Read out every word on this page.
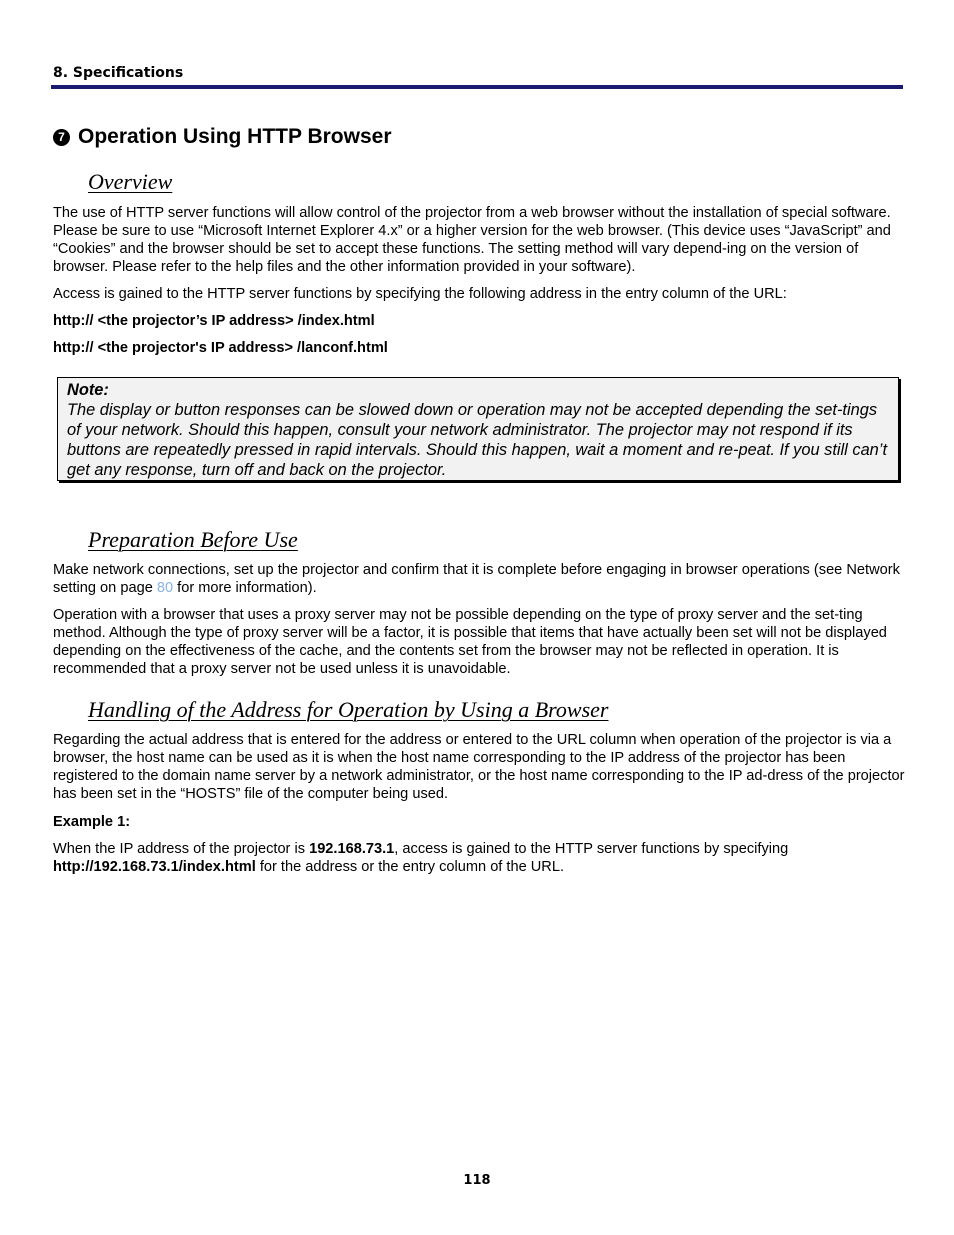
8. Specifications
7 Operation Using HTTP Browser
Overview

The use of HTTP server functions will allow control of the projector from a web browser without the installation of special software. Please be sure to use “Microsoft Internet Explorer 4.x” or a higher version for the web browser. (This device uses “JavaScript” and “Cookies” and the browser should be set to accept these functions. The setting method will vary depend-ing on the version of browser. Please refer to the help files and the other information provided in your software).

Access is gained to the HTTP server functions by specifying the following address in the entry column of the URL:

http:// <the projector’s IP address> /index.html
http:// <the projector's IP address> /lanconf.html
Note:
The display or button responses can be slowed down or operation may not be accepted depending the set-tings of your network. Should this happen, consult your network administrator. The projector may not respond if its buttons are repeatedly pressed in rapid intervals. Should this happen, wait a moment and re-peat. If you still can’t get any response, turn off and back on the projector.
Preparation Before Use

Make network connections, set up the projector and confirm that it is complete before engaging in browser operations (see Network setting on page 80 for more information).

Operation with a browser that uses a proxy server may not be possible depending on the type of proxy server and the set-ting method. Although the type of proxy server will be a factor, it is possible that items that have actually been set will not be displayed depending on the effectiveness of the cache, and the contents set from the browser may not be reflected in operation. It is recommended that a proxy server not be used unless it is unavoidable.

Handling of the Address for Operation by Using a Browser

Regarding the actual address that is entered for the address or entered to the URL column when operation of the projector is via a browser, the host name can be used as it is when the host name corresponding to the IP address of the projector has been registered to the domain name server by a network administrator, or the host name corresponding to the IP ad-dress of the projector has been set in the “HOSTS” file of the computer being used.

Example 1:

When the IP address of the projector is 192.168.73.1, access is gained to the HTTP server functions by specifying http://192.168.73.1/index.html for the address or the entry column of the URL.

118
